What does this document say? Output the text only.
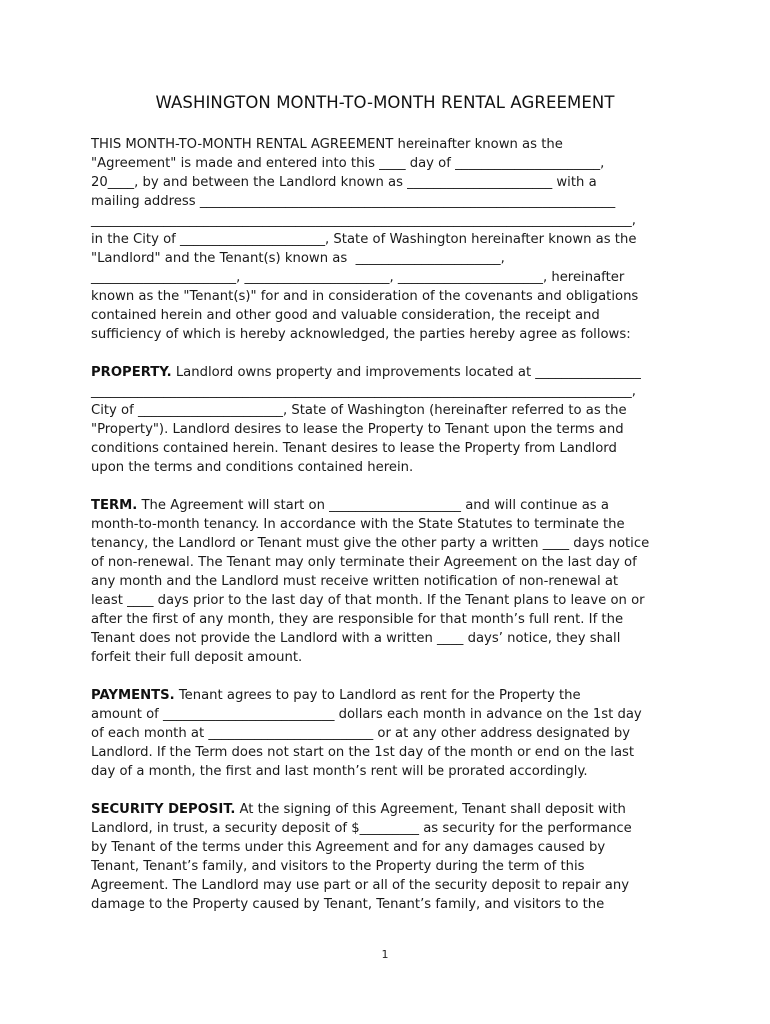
WASHINGTON MONTH-TO-MONTH RENTAL AGREEMENT
THIS MONTH-TO-MONTH RENTAL AGREEMENT hereinafter known as the
"Agreement" is made and entered into this ____ day of ______________________,
20____, by and between the Landlord known as ______________________ with a
mailing address _______________________________________________________________
__________________________________________________________________________________,
in the City of ______________________, State of Washington hereinafter known as the
"Landlord" and the Tenant(s) known as  ______________________,
______________________, ______________________, ______________________, hereinafter
known as the "Tenant(s)" for and in consideration of the covenants and obligations
contained herein and other good and valuable consideration, the receipt and
sufficiency of which is hereby acknowledged, the parties hereby agree as follows:
PROPERTY. Landlord owns property and improvements located at ________________
__________________________________________________________________________________,
City of ______________________, State of Washington (hereinafter referred to as the
"Property"). Landlord desires to lease the Property to Tenant upon the terms and
conditions contained herein. Tenant desires to lease the Property from Landlord
upon the terms and conditions contained herein.
TERM. The Agreement will start on ____________________ and will continue as a
month-to-month tenancy. In accordance with the State Statutes to terminate the
tenancy, the Landlord or Tenant must give the other party a written ____ days notice
of non-renewal. The Tenant may only terminate their Agreement on the last day of
any month and the Landlord must receive written notification of non-renewal at
least ____ days prior to the last day of that month. If the Tenant plans to leave on or
after the first of any month, they are responsible for that month’s full rent. If the
Tenant does not provide the Landlord with a written ____ days’ notice, they shall
forfeit their full deposit amount.
PAYMENTS. Tenant agrees to pay to Landlord as rent for the Property the
amount of __________________________ dollars each month in advance on the 1st day
of each month at _________________________ or at any other address designated by
Landlord. If the Term does not start on the 1st day of the month or end on the last
day of a month, the first and last month’s rent will be prorated accordingly.
SECURITY DEPOSIT. At the signing of this Agreement, Tenant shall deposit with
Landlord, in trust, a security deposit of $_________ as security for the performance
by Tenant of the terms under this Agreement and for any damages caused by
Tenant, Tenant’s family, and visitors to the Property during the term of this
Agreement. The Landlord may use part or all of the security deposit to repair any
damage to the Property caused by Tenant, Tenant’s family, and visitors to the
1
